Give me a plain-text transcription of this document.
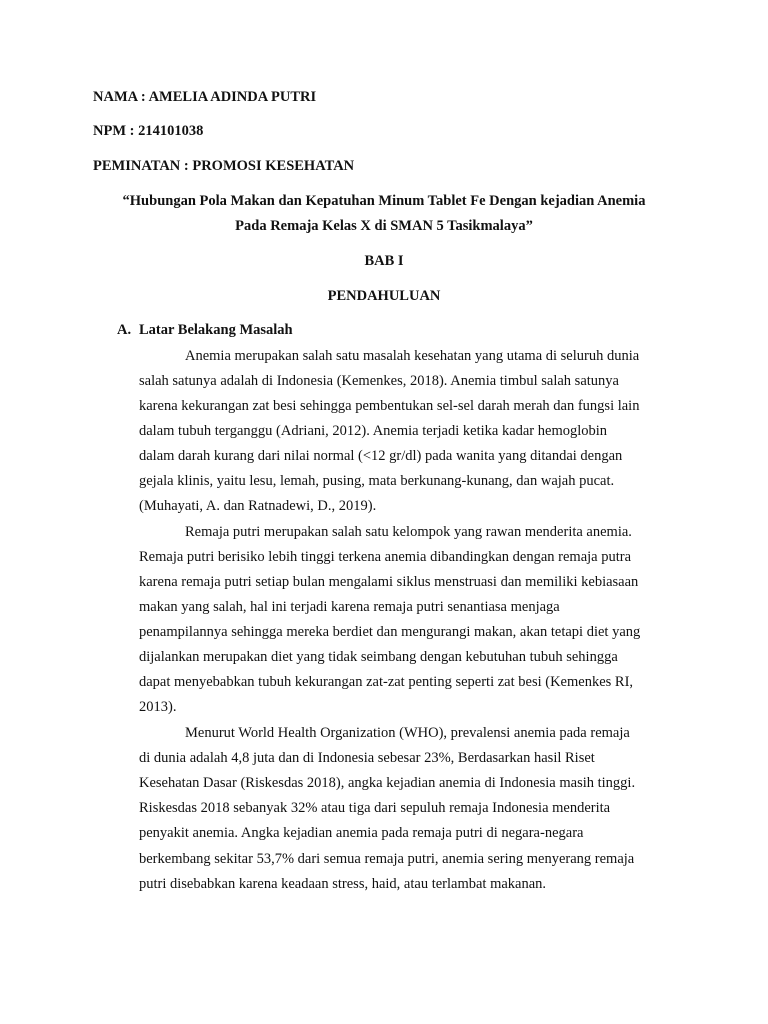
NAMA : AMELIA ADINDA PUTRI
NPM : 214101038
PEMINATAN : PROMOSI KESEHATAN
“Hubungan Pola Makan dan Kepatuhan Minum Tablet Fe Dengan kejadian Anemia
Pada Remaja Kelas X di SMAN 5 Tasikmalaya”
BAB I
PENDAHULUAN
A. Latar Belakang Masalah
Anemia merupakan salah satu masalah kesehatan yang utama di seluruh dunia
salah satunya adalah di Indonesia (Kemenkes, 2018). Anemia timbul salah satunya
karena kekurangan zat besi sehingga pembentukan sel-sel darah merah dan fungsi lain
dalam tubuh terganggu (Adriani, 2012). Anemia terjadi ketika kadar hemoglobin
dalam darah kurang dari nilai normal (<12 gr/dl) pada wanita yang ditandai dengan
gejala klinis, yaitu lesu, lemah, pusing, mata berkunang-kunang, dan wajah pucat.
(Muhayati, A. dan Ratnadewi, D., 2019).
Remaja putri merupakan salah satu kelompok yang rawan menderita anemia.
Remaja putri berisiko lebih tinggi terkena anemia dibandingkan dengan remaja putra
karena remaja putri setiap bulan mengalami siklus menstruasi dan memiliki kebiasaan
makan yang salah, hal ini terjadi karena remaja putri senantiasa menjaga
penampilannya sehingga mereka berdiet dan mengurangi makan, akan tetapi diet yang
dijalankan merupakan diet yang tidak seimbang dengan kebutuhan tubuh sehingga
dapat menyebabkan tubuh kekurangan zat-zat penting seperti zat besi (Kemenkes RI,
2013).
Menurut World Health Organization (WHO), prevalensi anemia pada remaja
di dunia adalah 4,8 juta dan di Indonesia sebesar 23%, Berdasarkan hasil Riset
Kesehatan Dasar (Riskesdas 2018), angka kejadian anemia di Indonesia masih tinggi.
Riskesdas 2018 sebanyak 32% atau tiga dari sepuluh remaja Indonesia menderita
penyakit anemia. Angka kejadian anemia pada remaja putri di negara-negara
berkembang sekitar 53,7% dari semua remaja putri, anemia sering menyerang remaja
putri disebabkan karena keadaan stress, haid, atau terlambat makanan.
